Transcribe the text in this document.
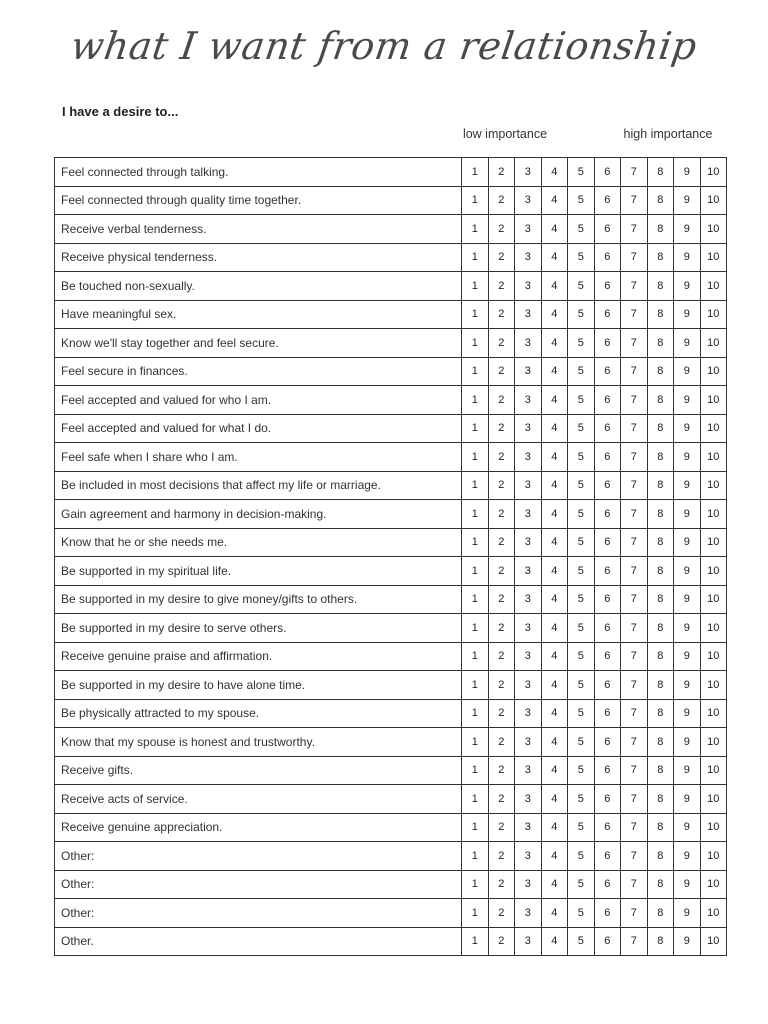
what I want from a relationship
I have a desire to...
low importance	high importance
Feel connected through talking.	1	2	3	4	5	6	7	8	9	10
Feel connected through quality time together.	1	2	3	4	5	6	7	8	9	10
Receive verbal tenderness.	1	2	3	4	5	6	7	8	9	10
Receive physical tenderness.	1	2	3	4	5	6	7	8	9	10
Be touched non-sexually.	1	2	3	4	5	6	7	8	9	10
Have meaningful sex.	1	2	3	4	5	6	7	8	9	10
Know we'll stay together and feel secure.	1	2	3	4	5	6	7	8	9	10
Feel secure in finances.	1	2	3	4	5	6	7	8	9	10
Feel accepted and valued for who I am.	1	2	3	4	5	6	7	8	9	10
Feel accepted and valued for what I do.	1	2	3	4	5	6	7	8	9	10
Feel safe when I share who I am.	1	2	3	4	5	6	7	8	9	10
Be included in most decisions that affect my life or marriage.	1	2	3	4	5	6	7	8	9	10
Gain agreement and harmony in decision-making.	1	2	3	4	5	6	7	8	9	10
Know that he or she needs me.	1	2	3	4	5	6	7	8	9	10
Be supported in my spiritual life.	1	2	3	4	5	6	7	8	9	10
Be supported in my desire to give money/gifts to others.	1	2	3	4	5	6	7	8	9	10
Be supported in my desire to serve others.	1	2	3	4	5	6	7	8	9	10
Receive genuine praise and affirmation.	1	2	3	4	5	6	7	8	9	10
Be supported in my desire to have alone time.	1	2	3	4	5	6	7	8	9	10
Be physically attracted to my spouse.	1	2	3	4	5	6	7	8	9	10
Know that my spouse is honest and trustworthy.	1	2	3	4	5	6	7	8	9	10
Receive gifts.	1	2	3	4	5	6	7	8	9	10
Receive acts of service.	1	2	3	4	5	6	7	8	9	10
Receive genuine appreciation.	1	2	3	4	5	6	7	8	9	10
Other:	1	2	3	4	5	6	7	8	9	10
Other:	1	2	3	4	5	6	7	8	9	10
Other:	1	2	3	4	5	6	7	8	9	10
Other.	1	2	3	4	5	6	7	8	9	10
